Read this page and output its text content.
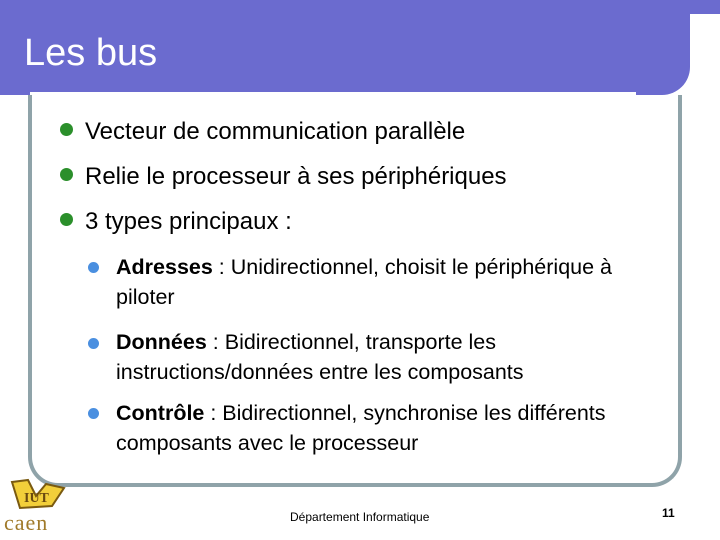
Les bus
Vecteur de communication parallèle
Relie le processeur à ses périphériques
3 types principaux :
Adresses : Unidirectionnel, choisit le périphérique à piloter
Données : Bidirectionnel, transporte les instructions/données entre les composants
Contrôle : Bidirectionnel, synchronise les différents composants avec le processeur
IUT
caen	Département Informatique	11
